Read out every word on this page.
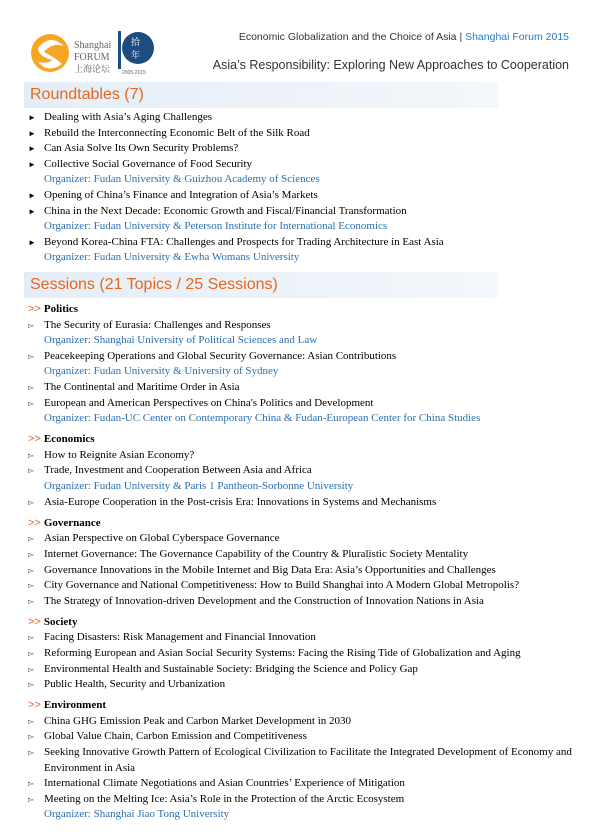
Shanghai
FORUM
上海论坛
拾
年
2005-2015
Economic Globalization and the Choice of Asia | Shanghai Forum 2015
Asia’s Responsibility: Exploring New Approaches to Cooperation
Roundtables (7)
► Dealing with Asia’s Aging Challenges
► Rebuild the Interconnecting Economic Belt of the Silk Road
► Can Asia Solve Its Own Security Problems?
► Collective Social Governance of Food Security
Organizer: Fudan University & Guizhou Academy of Sciences
► Opening of China’s Finance and Integration of Asia’s Markets
► China in the Next Decade: Economic Growth and Fiscal/Financial Transformation
Organizer: Fudan University & Peterson Institute for International Economics
► Beyond Korea-China FTA: Challenges and Prospects for Trading Architecture in East Asia
Organizer: Fudan University & Ewha Womans University
Sessions (21 Topics / 25 Sessions)
>> Politics
▻ The Security of Eurasia: Challenges and Responses
Organizer: Shanghai University of Political Sciences and Law
▻ Peacekeeping Operations and Global Security Governance: Asian Contributions
Organizer: Fudan University & University of Sydney
▻ The Continental and Maritime Order in Asia
▻ European and American Perspectives on China's Politics and Development
Organizer: Fudan-UC Center on Contemporary China & Fudan-European Center for China Studies
>> Economics
▻ How to Reignite Asian Economy?
▻ Trade, Investment and Cooperation Between Asia and Africa
Organizer: Fudan University & Paris 1 Pantheon-Sorbonne University
▻ Asia-Europe Cooperation in the Post-crisis Era: Innovations in Systems and Mechanisms
>> Governance
▻ Asian Perspective on Global Cyberspace Governance
▻ Internet Governance: The Governance Capability of the Country & Pluralistic Society Mentality
▻ Governance Innovations in the Mobile Internet and Big Data Era: Asia’s Opportunities and Challenges
▻ City Governance and National Competitiveness: How to Build Shanghai into A Modern Global Metropolis?
▻ The Strategy of Innovation-driven Development and the Construction of Innovation Nations in Asia
>> Society
▻ Facing Disasters: Risk Management and Financial Innovation
▻ Reforming European and Asian Social Security Systems: Facing the Rising Tide of Globalization and Aging
▻ Environmental Health and Sustainable Society: Bridging the Science and Policy Gap
▻ Public Health, Security and Urbanization
>> Environment
▻ China GHG Emission Peak and Carbon Market Development in 2030
▻ Global Value Chain, Carbon Emission and Competitiveness
▻ Seeking Innovative Growth Pattern of Ecological Civilization to Facilitate the Integrated Development of Economy and Environment in Asia
▻ International Climate Negotiations and Asian Countries’ Experience of Mitigation
▻ Meeting on the Melting Ice: Asia’s Role in the Protection of the Arctic Ecosystem
Organizer: Shanghai Jiao Tong University
